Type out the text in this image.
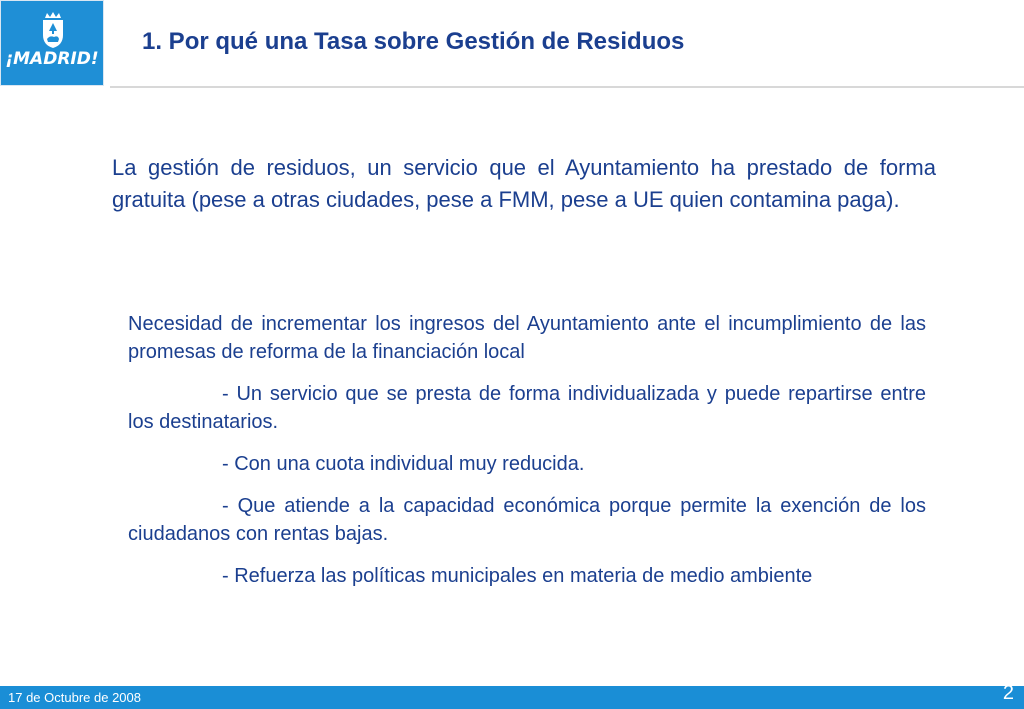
¡MADRID!
1. Por qué una Tasa sobre Gestión de Residuos

La gestión de residuos, un servicio que el Ayuntamiento ha prestado de forma gratuita (pese a otras ciudades, pese a FMM, pese a UE quien contamina paga).

Necesidad de incrementar los ingresos del Ayuntamiento ante el incumplimiento de las promesas de reforma de la financiación local

- Un servicio que se presta de forma individualizada y puede repartirse entre los destinatarios.

- Con una cuota individual muy reducida.

- Que atiende a la capacidad económica porque permite la exención de los ciudadanos con rentas bajas.

- Refuerza las políticas municipales en materia de medio ambiente

17 de Octubre de 2008	2
